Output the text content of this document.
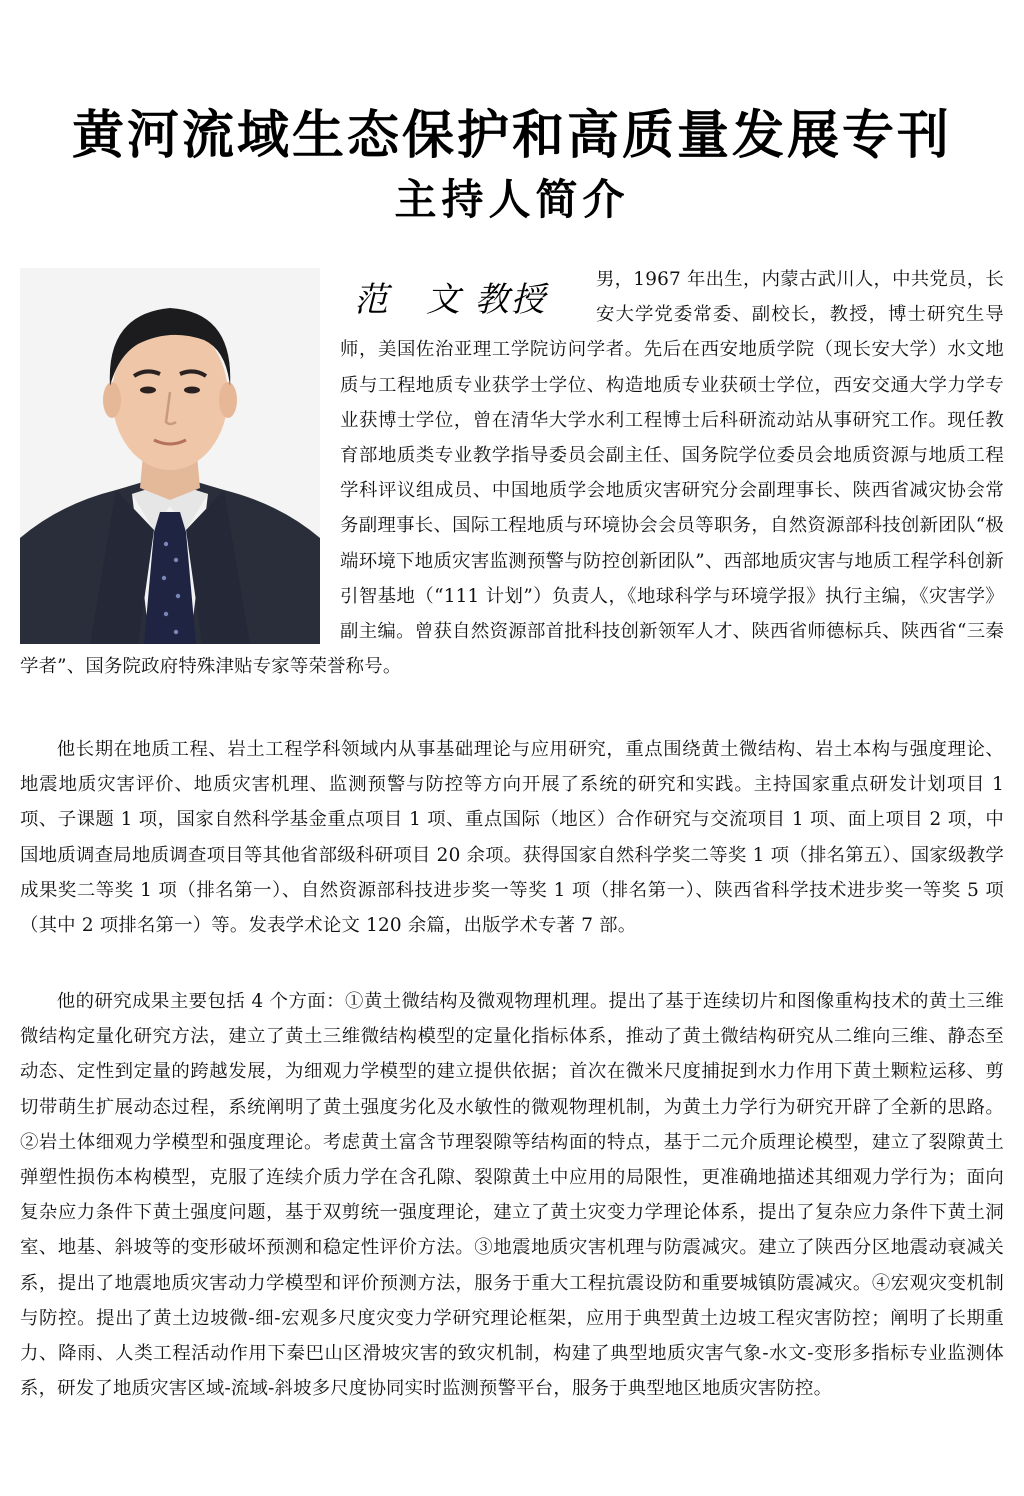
黄河流域生态保护和高质量发展专刊
主持人简介
范　文 教授

男，1967 年出生，内蒙古武川人，中共党员，长安大学党委常委、副校长，教授，博士研究生导师，美国佐治亚理工学院访问学者。先后在西安地质学院（现长安大学）水文地质与工程地质专业获学士学位、构造地质专业获硕士学位，西安交通大学力学专业获博士学位，曾在清华大学水利工程博士后科研流动站从事研究工作。现任教育部地质类专业教学指导委员会副主任、国务院学位委员会地质资源与地质工程学科评议组成员、中国地质学会地质灾害研究分会副理事长、陕西省减灾协会常务副理事长、国际工程地质与环境协会会员等职务，自然资源部科技创新团队“极端环境下地质灾害监测预警与防控创新团队”、西部地质灾害与地质工程学科创新引智基地（“111 计划”）负责人，《地球科学与环境学报》执行主编，《灾害学》副主编。曾获自然资源部首批科技创新领军人才、陕西省师德标兵、陕西省“三秦学者”、国务院政府特殊津贴专家等荣誉称号。

他长期在地质工程、岩土工程学科领域内从事基础理论与应用研究，重点围绕黄土微结构、岩土本构与强度理论、地震地质灾害评价、地质灾害机理、监测预警与防控等方向开展了系统的研究和实践。主持国家重点研发计划项目 1 项、子课题 1 项，国家自然科学基金重点项目 1 项、重点国际（地区）合作研究与交流项目 1 项、面上项目 2 项，中国地质调查局地质调查项目等其他省部级科研项目 20 余项。获得国家自然科学奖二等奖 1 项（排名第五）、国家级教学成果奖二等奖 1 项（排名第一）、自然资源部科技进步奖一等奖 1 项（排名第一）、陕西省科学技术进步奖一等奖 5 项（其中 2 项排名第一）等。发表学术论文 120 余篇，出版学术专著 7 部。

他的研究成果主要包括 4 个方面：①黄土微结构及微观物理机理。提出了基于连续切片和图像重构技术的黄土三维微结构定量化研究方法，建立了黄土三维微结构模型的定量化指标体系，推动了黄土微结构研究从二维向三维、静态至动态、定性到定量的跨越发展，为细观力学模型的建立提供依据；首次在微米尺度捕捉到水力作用下黄土颗粒运移、剪切带萌生扩展动态过程，系统阐明了黄土强度劣化及水敏性的微观物理机制，为黄土力学行为研究开辟了全新的思路。②岩土体细观力学模型和强度理论。考虑黄土富含节理裂隙等结构面的特点，基于二元介质理论模型，建立了裂隙黄土弹塑性损伤本构模型，克服了连续介质力学在含孔隙、裂隙黄土中应用的局限性，更准确地描述其细观力学行为；面向复杂应力条件下黄土强度问题，基于双剪统一强度理论，建立了黄土灾变力学理论体系，提出了复杂应力条件下黄土洞室、地基、斜坡等的变形破坏预测和稳定性评价方法。③地震地质灾害机理与防震减灾。建立了陕西分区地震动衰减关系，提出了地震地质灾害动力学模型和评价预测方法，服务于重大工程抗震设防和重要城镇防震减灾。④宏观灾变机制与防控。提出了黄土边坡微-细-宏观多尺度灾变力学研究理论框架，应用于典型黄土边坡工程灾害防控；阐明了长期重力、降雨、人类工程活动作用下秦巴山区滑坡灾害的致灾机制，构建了典型地质灾害气象-水文-变形多指标专业监测体系，研发了地质灾害区域-流域-斜坡多尺度协同实时监测预警平台，服务于典型地区地质灾害防控。
